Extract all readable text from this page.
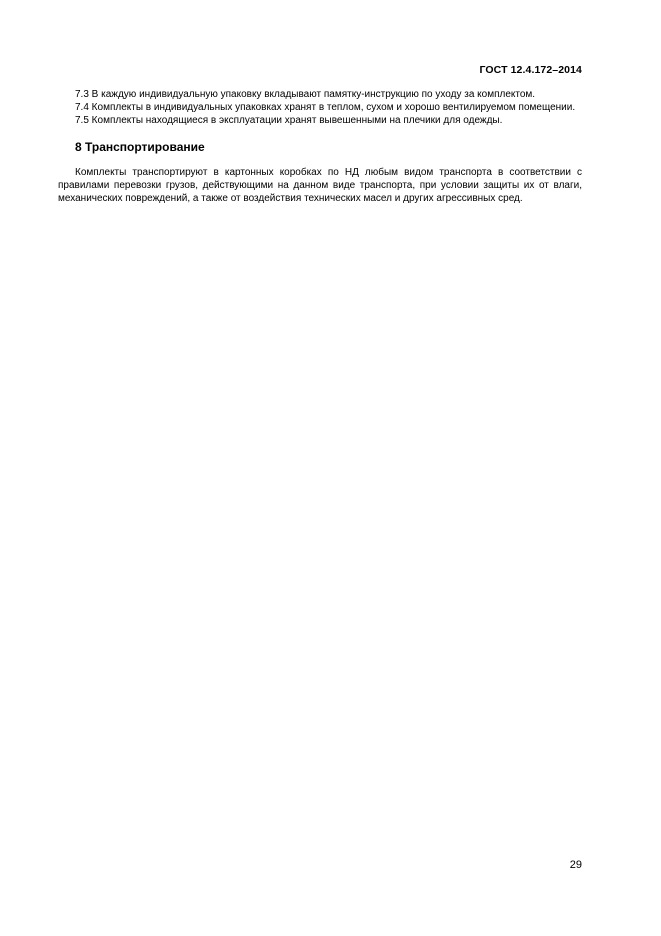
ГОСТ 12.4.172–2014

7.3 В каждую индивидуальную упаковку вкладывают памятку-инструкцию по уходу за комплектом.

7.4 Комплекты в индивидуальных упаковках хранят в теплом, сухом и хорошо вентилируемом помещении.

7.5 Комплекты находящиеся в эксплуатации хранят вывешенными на плечики для одежды.

8 Транспортирование

Комплекты транспортируют в картонных коробках по НД любым видом транспорта в соответствии с правилами перевозки грузов, действующими на данном виде транспорта, при условии защиты их от влаги, механических повреждений, а также от воздействия технических масел и других агрессивных сред.

29
